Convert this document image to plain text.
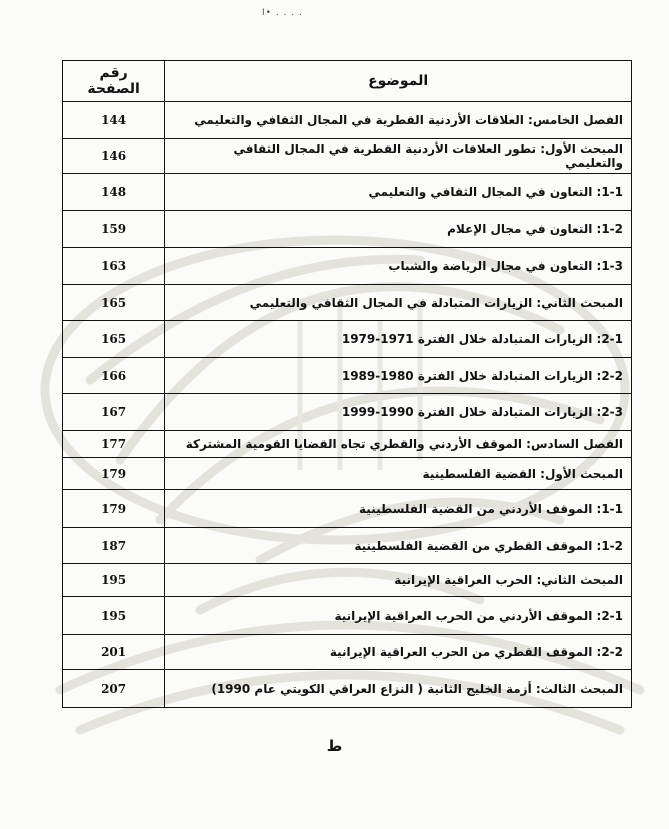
I• . . . .
الموضوع	رقم الصفحة
الفصل الخامس: العلاقات الأردنية القطرية في المجال الثقافي والتعليمي	144
المبحث الأول: تطور العلاقات الأردنية القطرية في المجال الثقافي والتعليمي	146
1-1: التعاون في المجال الثقافي والتعليمي	148
1-2: التعاون في مجال الإعلام	159
1-3: التعاون في مجال الرياضة والشباب	163
المبحث الثاني: الزيارات المتبادلة في المجال الثقافي والتعليمي	165
2-1: الزيارات المتبادلة خلال الفترة 1971-1979	165
2-2: الزيارات المتبادلة خلال الفترة 1980-1989	166
2-3: الزيارات المتبادلة خلال الفترة 1990-1999	167
الفصل السادس: الموقف الأردني والقطري تجاه القضايا القومية المشتركة	177
المبحث الأول: القضية الفلسطينية	179
1-1: الموقف الأردني من القضية الفلسطينية	179
1-2: الموقف القطري من القضية الفلسطينية	187
المبحث الثاني: الحرب العراقية الإيرانية	195
2-1: الموقف الأردني من الحرب العراقية الإيرانية	195
2-2: الموقف القطري من الحرب العراقية الإيرانية	201
المبحث الثالث: أزمة الخليج الثانية ( النزاع العراقي الكويتي عام 1990)	207
ط
